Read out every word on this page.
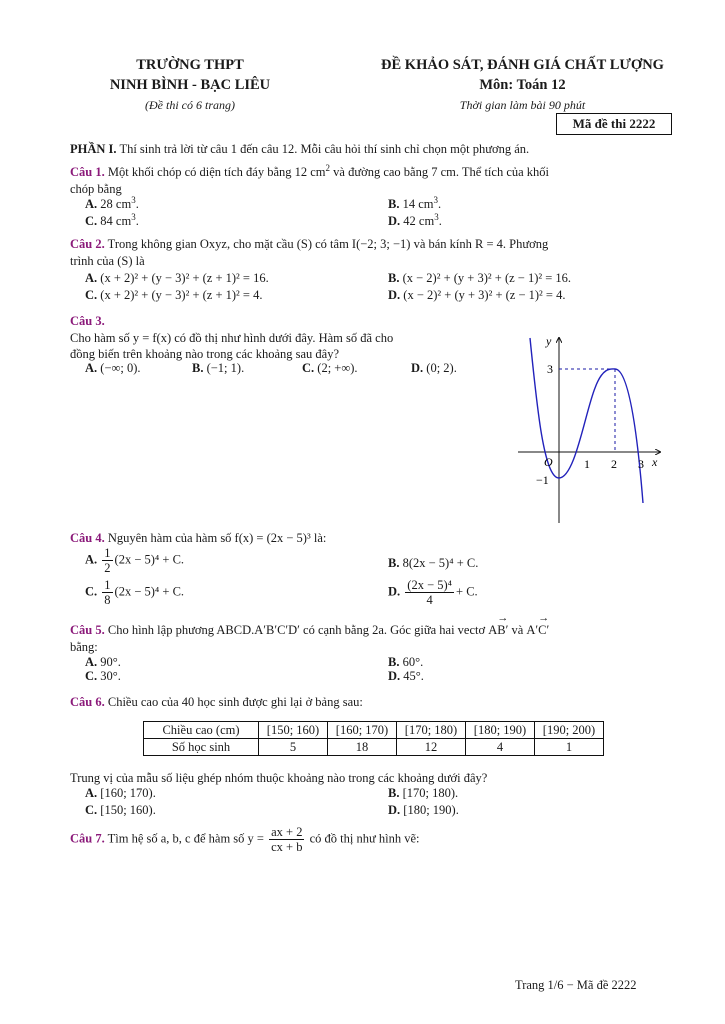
TRƯỜNG THPT
NINH BÌNH - BẠC LIÊU
(Đề thi có 6 trang)
ĐỀ KHẢO SÁT, ĐÁNH GIÁ CHẤT LƯỢNG
Môn: Toán 12
Thời gian làm bài 90 phút
Mã đề thi 2222
PHẦN I. Thí sinh trả lời từ câu 1 đến câu 12. Mỗi câu hỏi thí sinh chỉ chọn một phương án.
Câu 1. Một khối chóp có diện tích đáy bằng 12 $cm^2$ và đường cao bằng 7 cm. Thể tích của khối
chóp bằng
A. 28 $cm^3$.	B. 14 $cm^3$.
C. 84 $cm^3$.	D. 42 $cm^3$.
Câu 2. Trong không gian Oxyz, cho mặt cầu (S) có tâm I(−2; 3; −1) và bán kính R = 4. Phương
trình của (S) là
A. (x + 2)² + (y − 3)² + (z + 1)² = 16.	B. (x − 2)² + (y + 3)² + (z − 1)² = 16.
C. (x + 2)² + (y − 3)² + (z + 1)² = 4.	D. (x − 2)² + (y + 3)² + (z − 1)² = 4.
Câu 3.
Cho hàm số y = f(x) có đồ thị như hình dưới đây. Hàm số đã cho
đồng biến trên khoảng nào trong các khoảng sau đây?
A. (−∞; 0).	B. (−1; 1).	C. (2; +∞).	D. (0; 2).
y
x
O
3
−1
1 2 3
Câu 4. Nguyên hàm của hàm số f(x) = (2x − 5)³ là:
A. $\frac{1}{2} (2x - 5)^4 + C$.	B. 8(2x − 5)⁴ + C.
C. $\frac{1}{8} (2x - 5)^4 + C$.	D. $\frac{\text{(2x − 5)⁴}}{4} + C$.
Câu 5. Cho hình lập phương ABCD.A′B′C′D′ có cạnh bằng 2a. Góc giữa hai vectơ AB′ → và A′C′ →
bằng:
A. 90°.	B. 60°.
C. 30°.	D. 45°.
Câu 6. Chiều cao của 40 học sinh được ghi lại ở bảng sau:
Chiều cao (cm)	[150; 160)	[160; 170)	[170; 180)	[180; 190)	[190; 200)
Số học sinh	5	18	12	4	1
Trung vị của mẫu số liệu ghép nhóm thuộc khoảng nào trong các khoảng dưới đây?
A. [160; 170).	B. [170; 180).
C. [150; 160).	D. [180; 190).
Câu 7. Tìm hệ số a, b, c để hàm số $y = \frac{ax + 2}{cx + b}$ có đồ thị như hình vẽ:
Trang 1/6 − Mã đề 2222
